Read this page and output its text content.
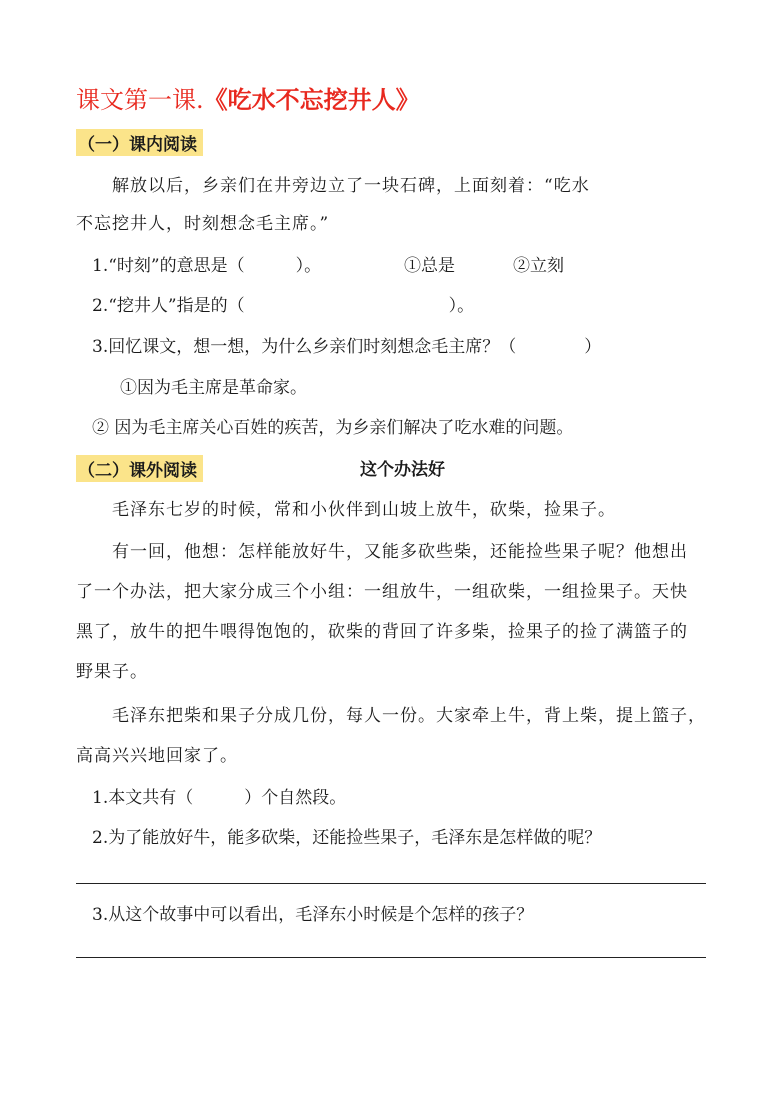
课文第一课.《吃水不忘挖井人》
（一）课内阅读
解放以后，乡亲们在井旁边立了一块石碑，上面刻着：“吃水
不忘挖井人，时刻想念毛主席。”
1.“时刻”的意思是（　　　）。	①总是	②立刻
2.“挖井人”指是的（　　　　　　　　　　　　）。
3.回忆课文，想一想，为什么乡亲们时刻想念毛主席？（　　　　）
①因为毛主席是革命家。
② 因为毛主席关心百姓的疾苦，为乡亲们解决了吃水难的问题。
（二）课外阅读	这个办法好
毛泽东七岁的时候，常和小伙伴到山坡上放牛，砍柴，捡果子。
有一回，他想：怎样能放好牛，又能多砍些柴，还能捡些果子呢？他想出
了一个办法，把大家分成三个小组：一组放牛，一组砍柴，一组捡果子。天快
黑了，放牛的把牛喂得饱饱的，砍柴的背回了许多柴，捡果子的捡了满篮子的
野果子。
毛泽东把柴和果子分成几份，每人一份。大家牵上牛，背上柴，提上篮子，
高高兴兴地回家了。
1.本文共有（　　　）个自然段。
2.为了能放好牛，能多砍柴，还能捡些果子，毛泽东是怎样做的呢？
3.从这个故事中可以看出，毛泽东小时候是个怎样的孩子？
